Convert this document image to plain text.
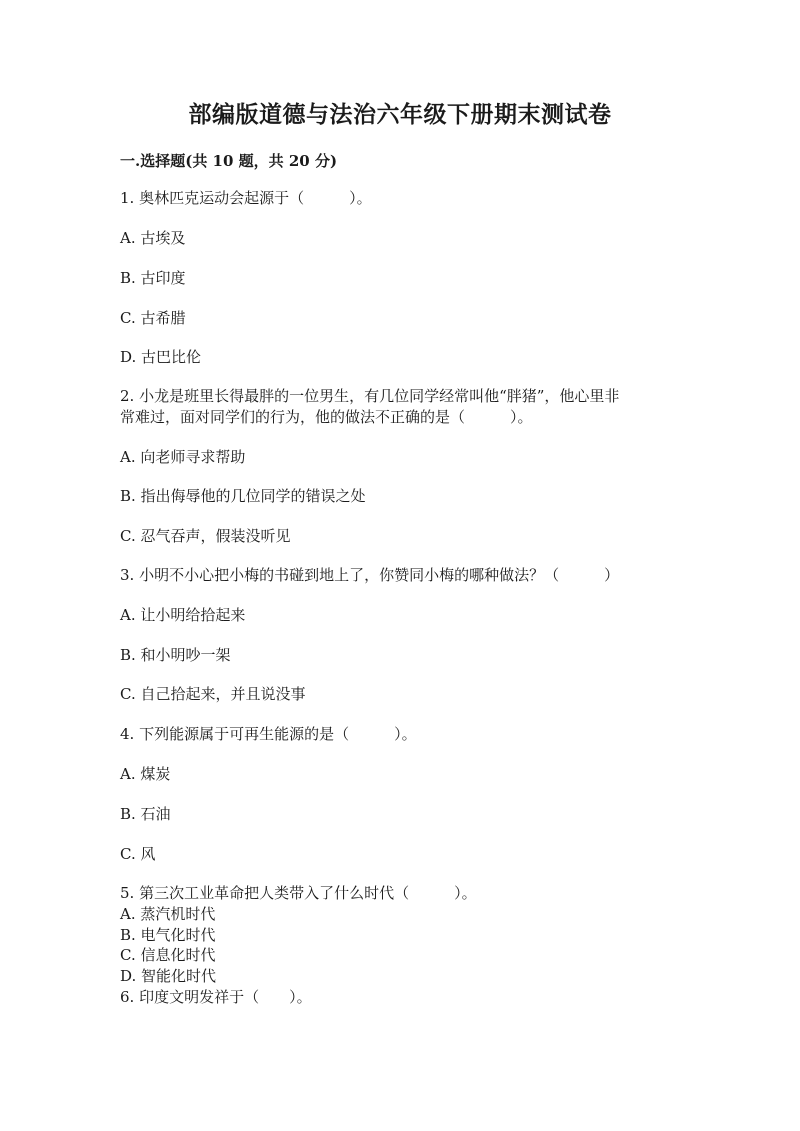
部编版道德与法治六年级下册期末测试卷
一.选择题(共 10 题，共 20 分)
1. 奥林匹克运动会起源于（　　　）。
A. 古埃及
B. 古印度
C. 古希腊
D. 古巴比伦
2. 小龙是班里长得最胖的一位男生，有几位同学经常叫他“胖猪”，他心里非
常难过，面对同学们的行为，他的做法不正确的是（　　　）。
A. 向老师寻求帮助
B. 指出侮辱他的几位同学的错误之处
C. 忍气吞声，假装没听见
3. 小明不小心把小梅的书碰到地上了，你赞同小梅的哪种做法？（　　　）
A. 让小明给拾起来
B. 和小明吵一架
C. 自己拾起来，并且说没事
4. 下列能源属于可再生能源的是（　　　）。
A. 煤炭
B. 石油
C. 风
5. 第三次工业革命把人类带入了什么时代（　　　）。
A. 蒸汽机时代
B. 电气化时代
C. 信息化时代
D. 智能化时代
6. 印度文明发祥于（　　）。
